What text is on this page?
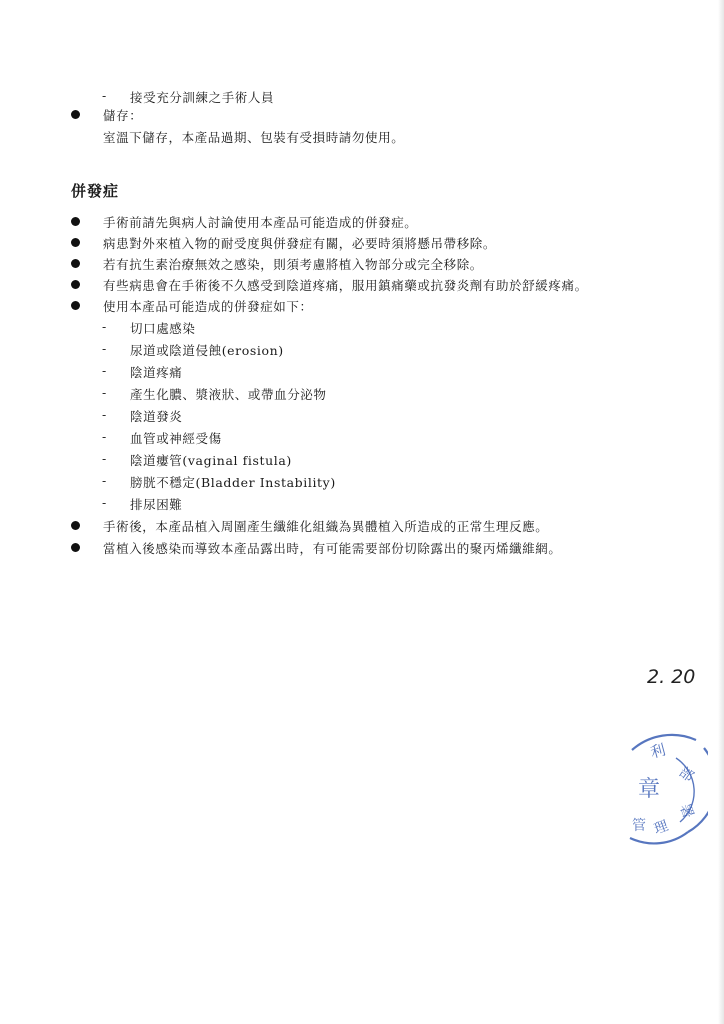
- 接受充分訓練之手術人員
儲存：
室溫下儲存，本產品過期、包裝有受損時請勿使用。
併發症
手術前請先與病人討論使用本產品可能造成的併發症。
病患對外來植入物的耐受度與併發症有關，必要時須將懸吊帶移除。
若有抗生素治療無效之感染，則須考慮將植入物部分或完全移除。
有些病患會在手術後不久感受到陰道疼痛，服用鎮痛藥或抗發炎劑有助於舒緩疼痛。
使用本產品可能造成的併發症如下：
- 切口處感染
- 尿道或陰道侵蝕(erosion)
- 陰道疼痛
- 產生化膿、漿液狀、或帶血分泌物
- 陰道發炎
- 血管或神經受傷
- 陰道瘻管(vaginal fistula)
- 膀胱不穩定(Bladder Instability)
- 排尿困難
手術後，本產品植入周圍產生纖維化組織為異體植入所造成的正常生理反應。
當植入後感染而導致本產品露出時，有可能需要部份切除露出的聚丙烯纖維網。
2. 20
利
部
章
署
管 理
